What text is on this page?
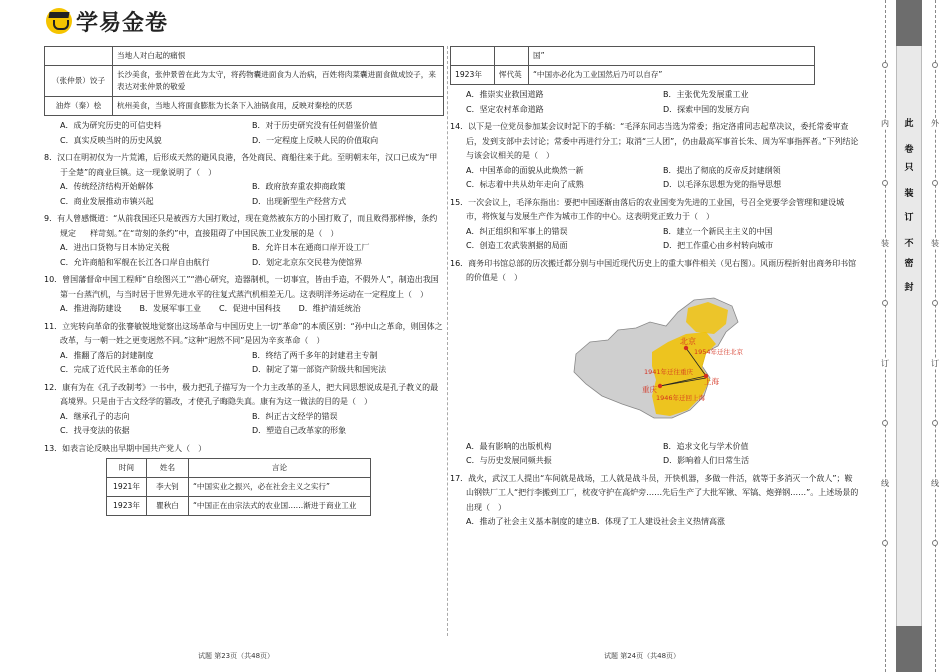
学易金卷
	当地人对白起的痛恨
（张仲景）饺子	长沙美食，张仲景曾在此为太守，将药物囊进面食为人治病，百姓将肉菜囊进面食做成饺子，来表达对张仲景的敬爱
油炸（秦）桧	杭州美食，当地人将面食膨胀为长条下入油锅食用，反映对秦桧的厌恶
A．成为研究历史的可信史料	B．对于历史研究没有任何借鉴价值
C．真实反映当时的历史风貌	D．一定程度上反映人民的价值取向

8．汉口在明初仅为一片荒滩，后形成天然的避风良港，各处商民、商船往来于此。至明朝末年，汉口已成为“甲于全楚”的商业巨镇。这一现象说明了（　）

A．传统经济结构开始解体	B．政府放弃重农抑商政策
C．商业发展推动市镇兴起	D．出现新型生产经营方式

9．有人曾感慨道：“从前我国还只是被西方大国打败过，现在竟然被东方的小国打败了，而且败得那样惨，条约规定 样苛刻。”在“苛刻的条约”中，直接阻碍了中国民族工业发展的是（　）

A．进出口货物与日本协定关税	B．允许日本在通商口岸开设工厂
C．允许商船和军舰在长江各口岸自由航行	D．划定北京东交民巷为使馆界

10．曾国藩督命中国工程师“自绘图兴工”“潜心研究，造器制机，一切事宜，皆由手造，不假外人”，制造出我国第一台蒸汽机，与当时居于世界先进水平的往复式蒸汽机相差无几。这表明洋务运动在一定程度上（　）

A．推进海防建设 B．发展军事工业 C．促进中国科技 D．维护清廷统治

11．立宪转向革命的张謇敏锐地觉察出这场革命与中国历史上一切“革命”的本质区别：“孙中山之革命，则国体之改革，与一朝一姓之更变迥然不同。”这种“迥然不同”是因为辛亥革命（　）

A．推翻了落后的封建制度	B．终结了两千多年的封建君主专制
C．完成了近代民主革命的任务	D．制定了第一部资产阶级共和国宪法

12．康有为在《孔子改制考》一书中，极力把孔子描写为一个力主改革的圣人，把大同思想说成是孔子教义的最高境界。只是由于古文经学的篡改，才使孔子晦隐失真。康有为这一做法的目的是（　）

A．继承孔子的志向	B．纠正古文经学的错误
C．找寻变法的依据	D．塑造自己改革家的形象

13．如表言论反映出早期中国共产党人（　）

时间	姓名	言论
1921年	李大钊	“中国实业之振兴，必在社会主义之实行”
1923年	瞿秋白	“中国正在由宗法式的农业国……渐进于商业工业
试题 第23页（共48页）
		国”
1923年	恽代英	“中国亦必化为工业国然后乃可以自存”
A．推崇实业救国道路	B．主张优先发展重工业
C．坚定农村革命道路	D．探索中国的发展方向

14．以下是一位党员参加某会议时記下的手稿：“毛泽东同志当选为常委；指定洛甫同志起草决议，委托常委审查后，发到支部中去讨论；常委中再进行分工；取消“三人团”，仍由最高军事首长朱、周为军事指挥者。”下列结论与该会议相关的是（　）

A．中国革命的面貌从此焕然一新	B．提出了彻底的反帝反封建纲领
C．标志着中共从幼年走向了成熟	D．以毛泽东思想为党的指导思想

15．一次会议上，毛泽东指出：要把中国逐渐由落后的农业国变为先进的工业国，号召全党要学会管理和建设城市，将恢复与发展生产作为城市工作的中心。这表明党正致力于（　）

A．纠正组织和军事上的错误	B．建立一个新民主主义的中国
C．创造工农武装割据的局面	D．把工作重心由乡村转向城市

16．商务印书馆总部的历次搬迁都分别与中国近现代历史上的重大事件相关（见右图）。风雨历程折射出商务印书馆的价值是（　）

北京
1954年迁往北京
上海
1941年迁往重庆
重庆
1946年迁回上海
A．最有影响的出版机构	B．追求文化与学术价值
C．与历史发展同频共振	D．影响着人们日常生活

17．战火，武汉工人提出“车间就是战场，工人就是战斗员，开快机器，多做一件活，就等于多消灭一个敌人”；鞍山钢铁厂工人“把行李搬到工厂，枕夜守护在高炉旁……先后生产了大批军锹、军镐、炮弹钢……”。上述场景的出现（　）

A．推动了社会主义基本制度的建立 B．体现了工人建设社会主义热情高涨
试题 第24页（共48页）
此
卷
只
装
订
不
密
封
内
装
订
线
外
装
订
线
